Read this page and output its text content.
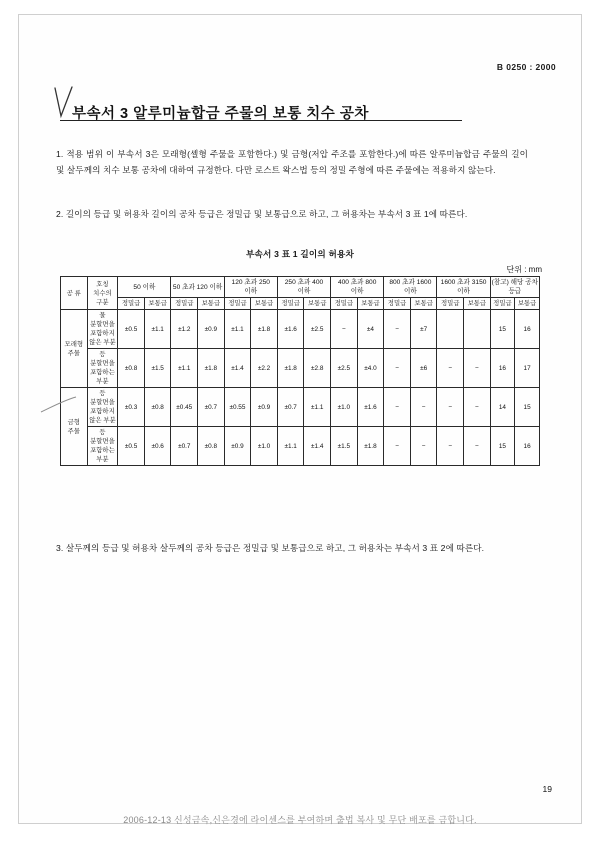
B 0250 : 2000
부속서 3 알루미늄합금 주물의 보통 치수 공차
1. 적용 범위 이 부속서 3은 모래형(셸형 주물을 포함한다.) 및 금형(저압 주조를 포함한다.)에 따른 알루미늄합금 주물의 길이 및 살두께의 치수 보통 공차에 대하여 규정한다. 다만 로스트 왁스법 등의 정밀 주형에 따른 주물에는 적용하지 않는다.
2. 길이의 등급 및 허용차 길이의 공차 등급은 정밀급 및 보통급으로 하고, 그 허용차는 부속서 3 표 1에 따른다.
부속서 3 표 1 길이의 허용차
단위 : mm
공 류	호칭 치수의 구분	50 이하		50 초과 120 이하		120 초과 250 이하		250 초과 400 이하		400 초과 800 이하		800 초과 1600 이하		1600 초과 3150 이하		(참고) 해당 공차 등급	
		정밀급	보통급	정밀급	보통급	정밀급	보통급	정밀급	보통급	정밀급	보통급	정밀급	보통급	정밀급	보통급	정밀급	보통급
모래형 주물	물 분할면을 포함하지 않은 부분	±0.5	±1.1	±1.2	±0.9	±1.1	±1.8	±1.6	±2.5	−	±4	−	±7			15	16
	등 분할면을 포함하는 부분	±0.8	±1.5	±1.1	±1.8	±1.4	±2.2	±1.8	±2.8	±2.5	±4.0	−	±6	−	−	16	17
금형 주물	등 분할면을 포함하지 않은 부분	±0.3	±0.8	±0.45	±0.7	±0.55	±0.9	±0.7	±1.1	±1.0	±1.6	−	−	−	−	14	15
	등 분할면을 포함하는 부분	±0.5	±0.6	±0.7	±0.8	±0.9	±1.0	±1.1	±1.4	±1.5	±1.8	−	−	−	−	15	16
3. 살두께의 등급 및 허용차 살두께의 공차 등급은 정밀급 및 보통급으로 하고, 그 허용차는 부속서 3 표 2에 따른다.
19
2006-12-13 신성금속,신은경에 라이센스를 부여하며 출법 복사 및 무단 배포를 금합니다.
